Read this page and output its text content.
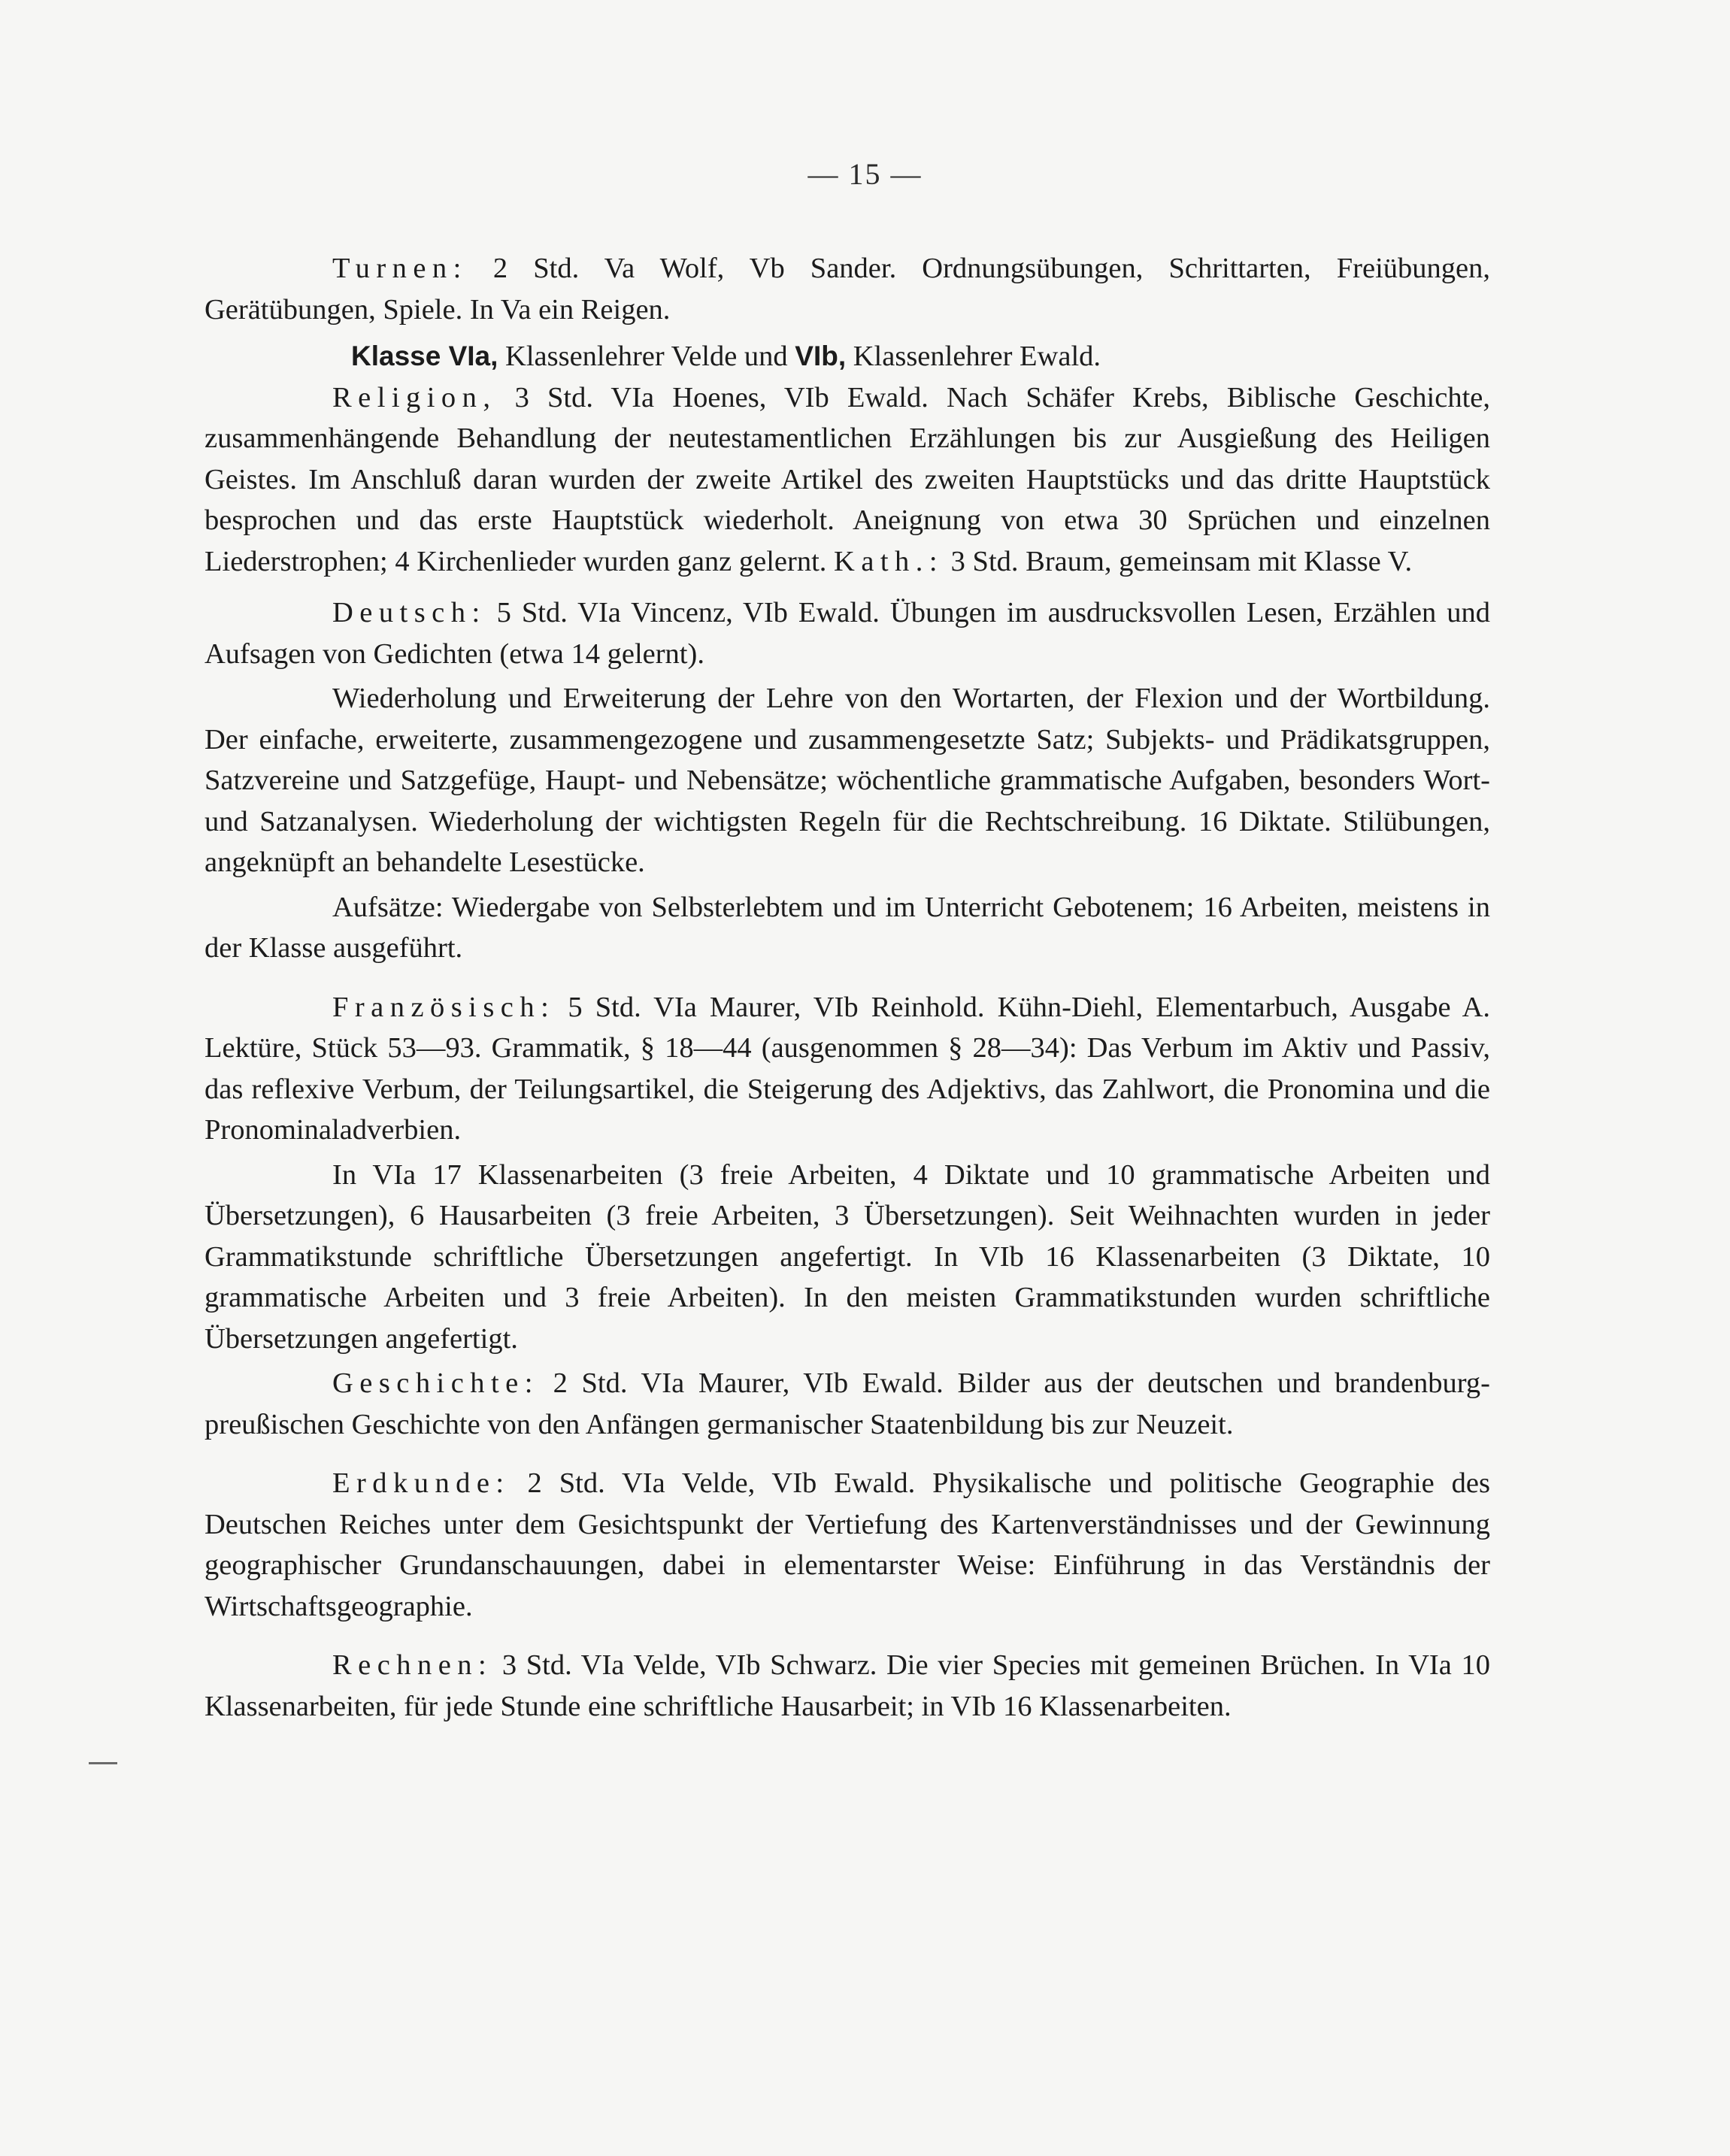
— 15 —

Turnen: 2 Std. Va Wolf, Vb Sander. Ordnungsübungen, Schrittarten, Freiübungen, Gerätübungen, Spiele. In Va ein Reigen.

Klasse VIa, Klassenlehrer Velde und VIb, Klassenlehrer Ewald.

Religion, 3 Std. VIa Hoenes, VIb Ewald. Nach Schäfer Krebs, Biblische Geschichte, zusammenhängende Behandlung der neutestamentlichen Erzählungen bis zur Ausgießung des Heiligen Geistes. Im Anschluß daran wurden der zweite Artikel des zweiten Hauptstücks und das dritte Hauptstück besprochen und das erste Hauptstück wiederholt. Aneignung von etwa 30 Sprüchen und einzelnen Liederstrophen; 4 Kirchenlieder wurden ganz gelernt. Kath.: 3 Std. Braum, gemeinsam mit Klasse V.

Deutsch: 5 Std. VIa Vincenz, VIb Ewald. Übungen im ausdrucksvollen Lesen, Erzählen und Aufsagen von Gedichten (etwa 14 gelernt).

Wiederholung und Erweiterung der Lehre von den Wortarten, der Flexion und der Wortbildung. Der einfache, erweiterte, zusammengezogene und zusammengesetzte Satz; Subjekts- und Prädikatsgruppen, Satzvereine und Satzgefüge, Haupt- und Nebensätze; wöchentliche grammatische Aufgaben, besonders Wort- und Satzanalysen. Wiederholung der wichtigsten Regeln für die Rechtschreibung. 16 Diktate. Stilübungen, angeknüpft an behandelte Lesestücke.

Aufsätze: Wiedergabe von Selbsterlebtem und im Unterricht Gebotenem; 16 Arbeiten, meistens in der Klasse ausgeführt.

Französisch: 5 Std. VIa Maurer, VIb Reinhold. Kühn-Diehl, Elementarbuch, Ausgabe A. Lektüre, Stück 53—93. Grammatik, § 18—44 (ausgenommen § 28—34): Das Verbum im Aktiv und Passiv, das reflexive Verbum, der Teilungsartikel, die Steigerung des Adjektivs, das Zahlwort, die Pronomina und die Pronominaladverbien.

In VIa 17 Klassenarbeiten (3 freie Arbeiten, 4 Diktate und 10 grammatische Arbeiten und Übersetzungen), 6 Hausarbeiten (3 freie Arbeiten, 3 Übersetzungen). Seit Weihnachten wurden in jeder Grammatikstunde schriftliche Übersetzungen angefertigt. In VIb 16 Klassenarbeiten (3 Diktate, 10 grammatische Arbeiten und 3 freie Arbeiten). In den meisten Grammatikstunden wurden schriftliche Übersetzungen angefertigt.

Geschichte: 2 Std. VIa Maurer, VIb Ewald. Bilder aus der deutschen und brandenburg-preußischen Geschichte von den Anfängen germanischer Staatenbildung bis zur Neuzeit.

Erdkunde: 2 Std. VIa Velde, VIb Ewald. Physikalische und politische Geographie des Deutschen Reiches unter dem Gesichtspunkt der Vertiefung des Kartenverständnisses und der Gewinnung geographischer Grundanschauungen, dabei in elementarster Weise: Einführung in das Verständnis der Wirtschaftsgeographie.

Rechnen: 3 Std. VIa Velde, VIb Schwarz. Die vier Species mit gemeinen Brüchen. In VIa 10 Klassenarbeiten, für jede Stunde eine schriftliche Hausarbeit; in VIb 16 Klassenarbeiten.
